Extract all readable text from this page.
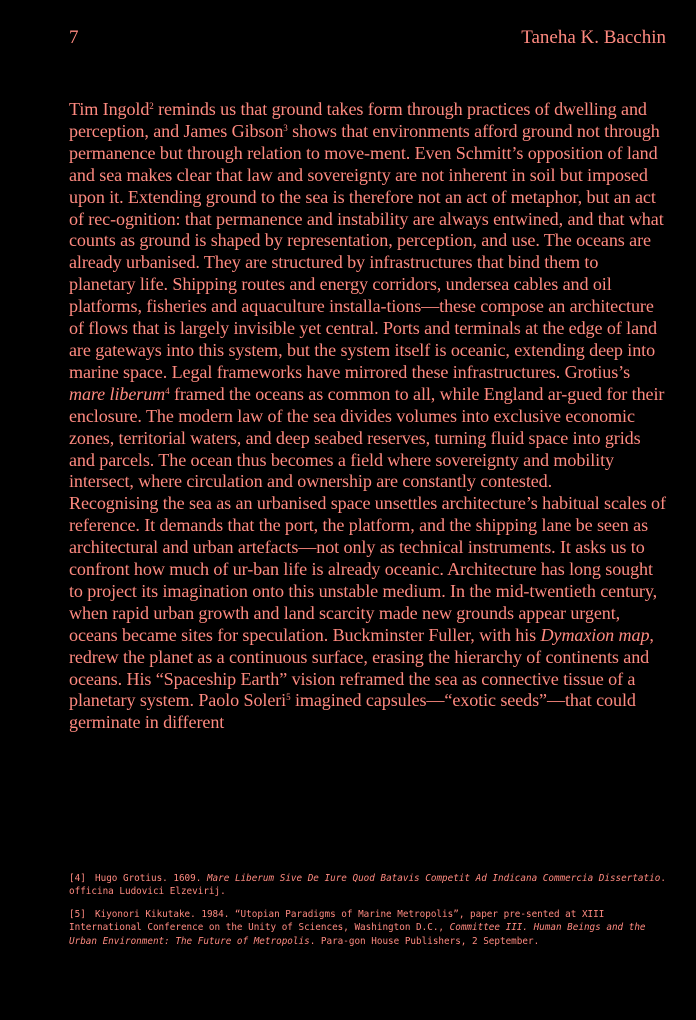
7	Taneha K. Bacchin

Tim Ingold$^2$ reminds us that ground takes form through practices of dwelling and perception, and James Gibson$^3$ shows that environments afford ground not through permanence but through relation to move-ment. Even Schmitt’s opposition of land and sea makes clear that law and sovereignty are not inherent in soil but imposed upon it. Extending ground to the sea is therefore not an act of metaphor, but an act of rec-ognition: that permanence and instability are always entwined, and that what counts as ground is shaped by representation, perception, and use. The oceans are already urbanised. They are structured by infrastructures that bind them to planetary life. Shipping routes and energy corridors, undersea cables and oil platforms, fisheries and aquaculture installa-tions—these compose an architecture of flows that is largely invisible yet central. Ports and terminals at the edge of land are gateways into this system, but the system itself is oceanic, extending deep into marine space. Legal frameworks have mirrored these infrastructures. Grotius’s mare liberum$^4$ framed the oceans as common to all, while England ar-gued for their enclosure. The modern law of the sea divides volumes into exclusive economic zones, territorial waters, and deep seabed reserves, turning fluid space into grids and parcels. The ocean thus becomes a field where sovereignty and mobility intersect, where circulation and ownership are constantly contested.

Recognising the sea as an urbanised space unsettles architecture’s habitual scales of reference. It demands that the port, the platform, and the shipping lane be seen as architectural and urban artefacts—not only as technical instruments. It asks us to confront how much of ur-ban life is already oceanic. Architecture has long sought to project its imagination onto this unstable medium. In the mid-twentieth century, when rapid urban growth and land scarcity made new grounds appear urgent, oceans became sites for speculation. Buckminster Fuller, with his Dymaxion map, redrew the planet as a continuous surface, erasing the hierarchy of continents and oceans. His “Spaceship Earth” vision reframed the sea as connective tissue of a planetary system. Paolo Soleri$^5$ imagined capsules—“exotic seeds”—that could germinate in different

[4] Hugo Grotius. 1609. Mare Liberum Sive De Iure Quod Batavis Competit Ad Indicana Commercia Dissertatio. officina Ludovici Elzevirij.

[5] Kiyonori Kikutake. 1984. “Utopian Paradigms of Marine Metropolis”, paper pre-sented at XIII International Conference on the Unity of Sciences, Washington D.C., Committee III. Human Beings and the Urban Environment: The Future of Metropolis. Para-gon House Publishers, 2 September.
